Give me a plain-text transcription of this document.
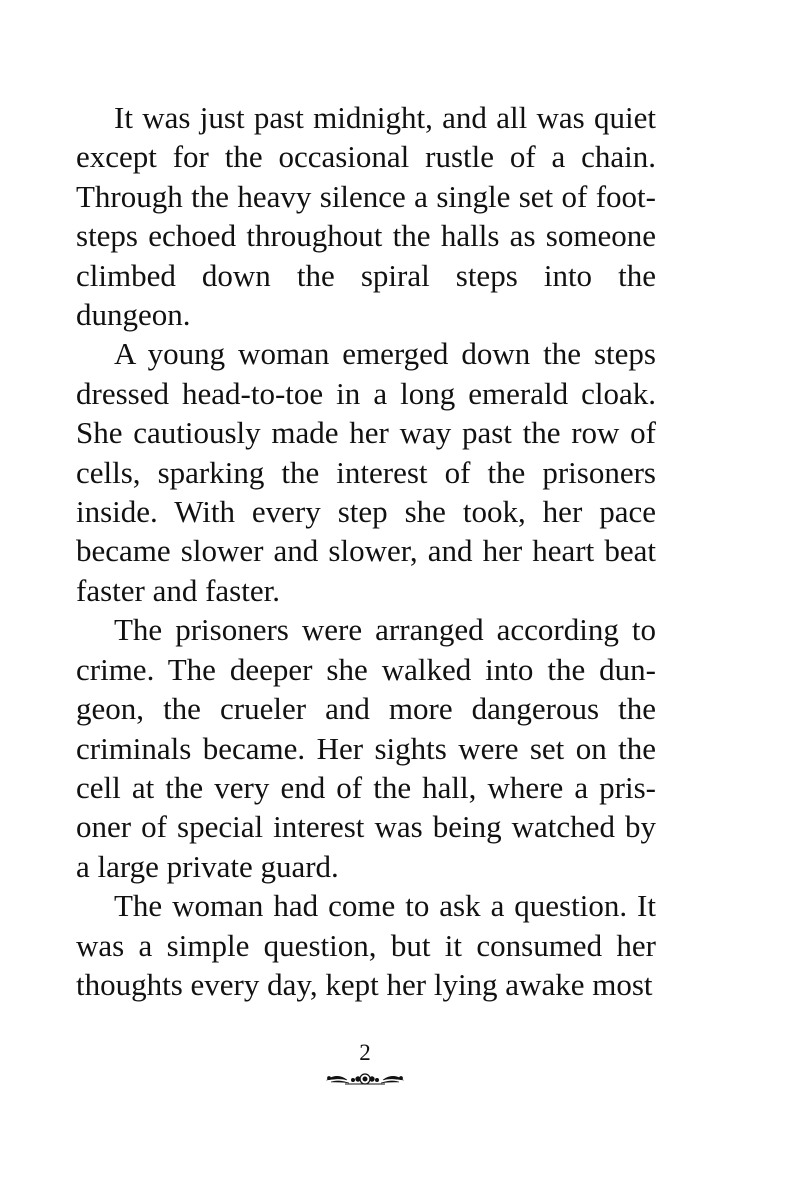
It was just past midnight, and all was quiet except for the occasional rustle of a chain. Through the heavy silence a single set of footsteps echoed throughout the halls as someone climbed down the spiral steps into the dungeon.

A young woman emerged down the steps dressed head-to-toe in a long emerald cloak. She cautiously made her way past the row of cells, sparking the interest of the prisoners inside. With every step she took, her pace became slower and slower, and her heart beat faster and faster.

The prisoners were arranged according to crime. The deeper she walked into the dungeon, the crueler and more dangerous the criminals became. Her sights were set on the cell at the very end of the hall, where a prisoner of special interest was being watched by a large private guard.

The woman had come to ask a question. It was a simple question, but it consumed her thoughts every day, kept her lying awake most

2
